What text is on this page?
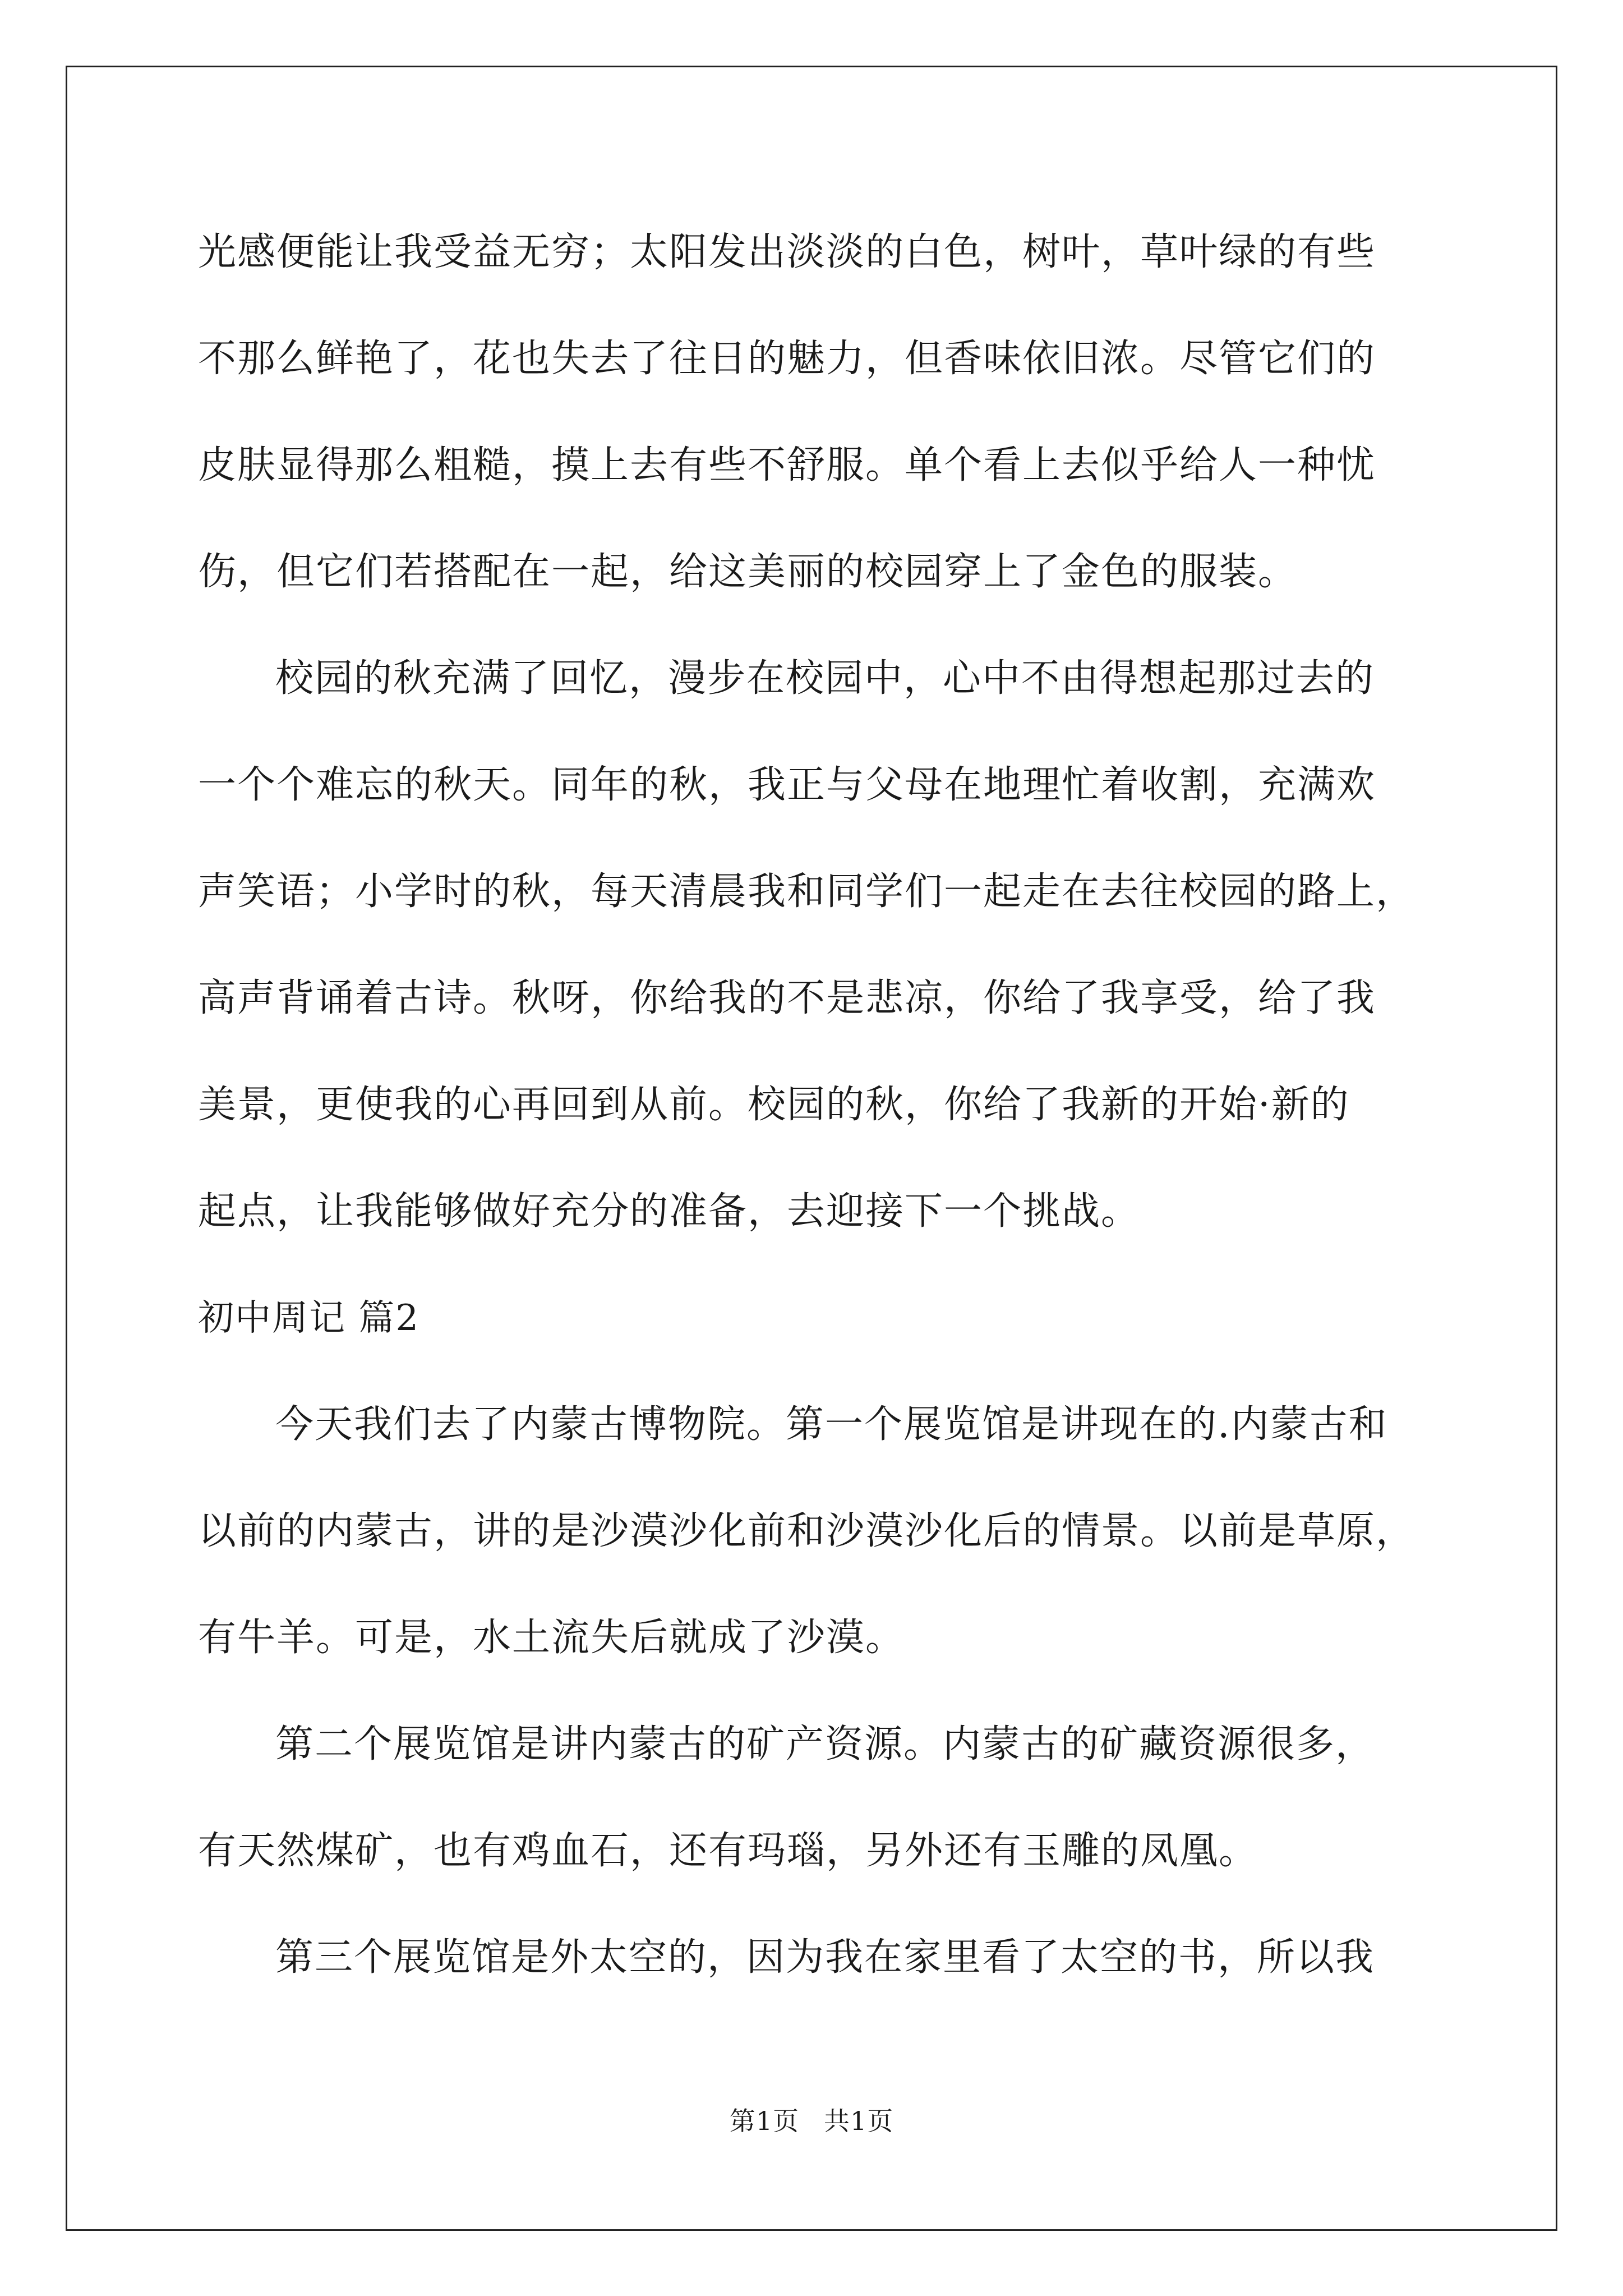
光感便能让我受益无穷；太阳发出淡淡的白色，树叶，草叶绿的有些
不那么鲜艳了，花也失去了往日的魅力，但香味依旧浓。尽管它们的
皮肤显得那么粗糙，摸上去有些不舒服。单个看上去似乎给人一种忧
伤，但它们若搭配在一起，给这美丽的校园穿上了金色的服装。
校园的秋充满了回忆，漫步在校园中，心中不由得想起那过去的
一个个难忘的秋天。同年的秋，我正与父母在地理忙着收割，充满欢
声笑语；小学时的秋，每天清晨我和同学们一起走在去往校园的路上，
高声背诵着古诗。秋呀，你给我的不是悲凉，你给了我享受，给了我
美景，更使我的心再回到从前。校园的秋，你给了我新的开始·新的
起点，让我能够做好充分的准备，去迎接下一个挑战。
初中周记 篇2
今天我们去了内蒙古博物院。第一个展览馆是讲现在的.内蒙古和
以前的内蒙古，讲的是沙漠沙化前和沙漠沙化后的情景。以前是草原，
有牛羊。可是，水土流失后就成了沙漠。
第二个展览馆是讲内蒙古的矿产资源。内蒙古的矿藏资源很多，
有天然煤矿，也有鸡血石，还有玛瑙，另外还有玉雕的凤凰。
第三个展览馆是外太空的，因为我在家里看了太空的书，所以我
第1页 共1页
